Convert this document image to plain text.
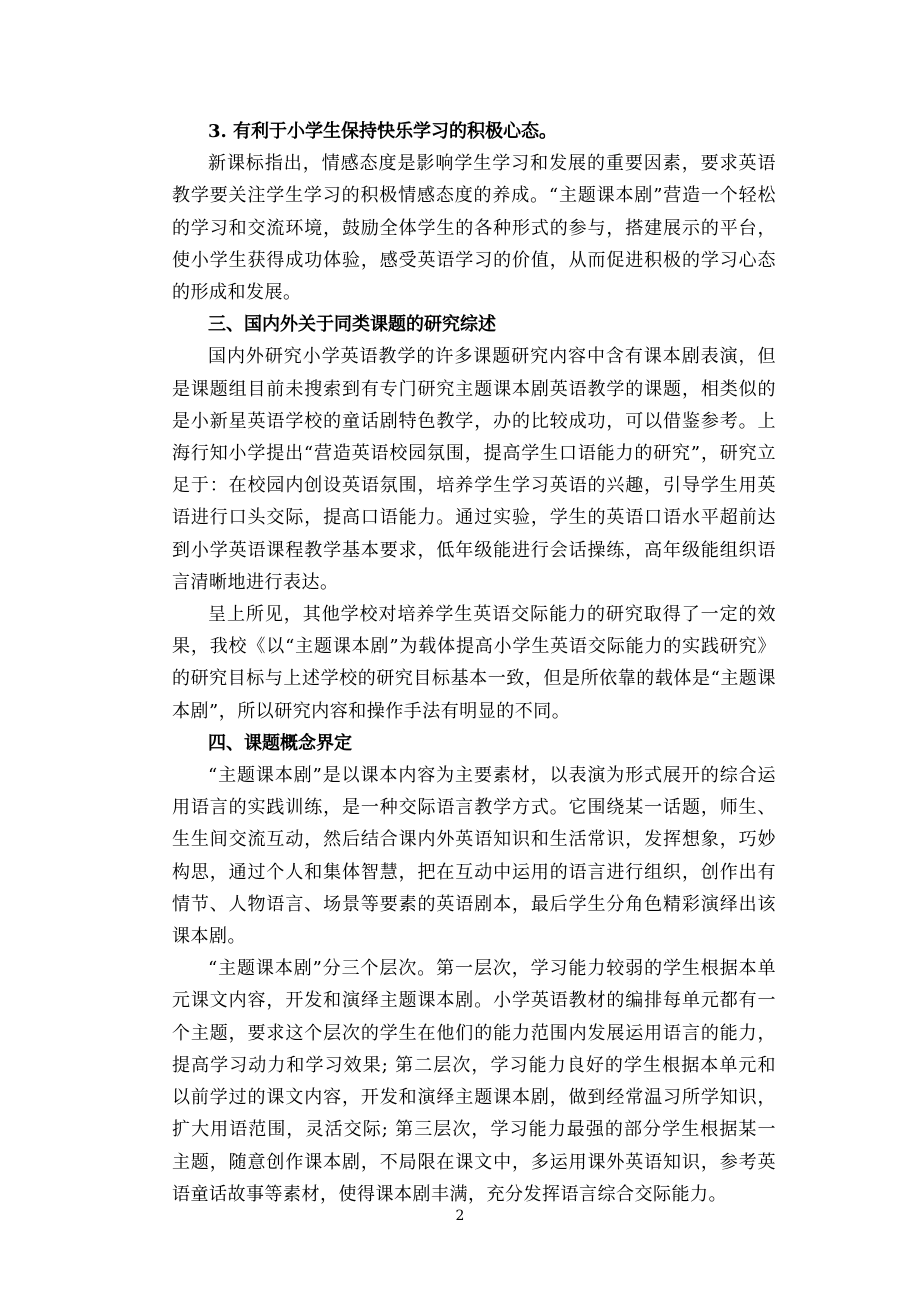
3. 有利于小学生保持快乐学习的积极心态。

新课标指出，情感态度是影响学生学习和发展的重要因素，要求英语教学要关注学生学习的积极情感态度的养成。“主题课本剧”营造一个轻松的学习和交流环境，鼓励全体学生的各种形式的参与，搭建展示的平台，使小学生获得成功体验，感受英语学习的价值，从而促进积极的学习心态的形成和发展。

三、国内外关于同类课题的研究综述

国内外研究小学英语教学的许多课题研究内容中含有课本剧表演，但是课题组目前未搜索到有专门研究主题课本剧英语教学的课题，相类似的是小新星英语学校的童话剧特色教学，办的比较成功，可以借鉴参考。上海行知小学提出“营造英语校园氛围，提高学生口语能力的研究”，研究立足于：在校园内创设英语氛围，培养学生学习英语的兴趣，引导学生用英语进行口头交际，提高口语能力。通过实验，学生的英语口语水平超前达到小学英语课程教学基本要求，低年级能进行会话操练，高年级能组织语言清晰地进行表达。

呈上所见，其他学校对培养学生英语交际能力的研究取得了一定的效果，我校《以“主题课本剧”为载体提高小学生英语交际能力的实践研究》的研究目标与上述学校的研究目标基本一致，但是所依靠的载体是“主题课本剧”，所以研究内容和操作手法有明显的不同。

四、课题概念界定

“主题课本剧”是以课本内容为主要素材，以表演为形式展开的综合运用语言的实践训练，是一种交际语言教学方式。它围绕某一话题，师生、生生间交流互动，然后结合课内外英语知识和生活常识，发挥想象，巧妙构思，通过个人和集体智慧，把在互动中运用的语言进行组织，创作出有情节、人物语言、场景等要素的英语剧本，最后学生分角色精彩演绎出该课本剧。

“主题课本剧”分三个层次。第一层次，学习能力较弱的学生根据本单元课文内容，开发和演绎主题课本剧。小学英语教材的编排每单元都有一个主题，要求这个层次的学生在他们的能力范围内发展运用语言的能力，提高学习动力和学习效果; 第二层次，学习能力良好的学生根据本单元和以前学过的课文内容，开发和演绎主题课本剧，做到经常温习所学知识，扩大用语范围，灵活交际; 第三层次，学习能力最强的部分学生根据某一主题，随意创作课本剧，不局限在课文中，多运用课外英语知识，参考英语童话故事等素材，使得课本剧丰满，充分发挥语言综合交际能力。

2
